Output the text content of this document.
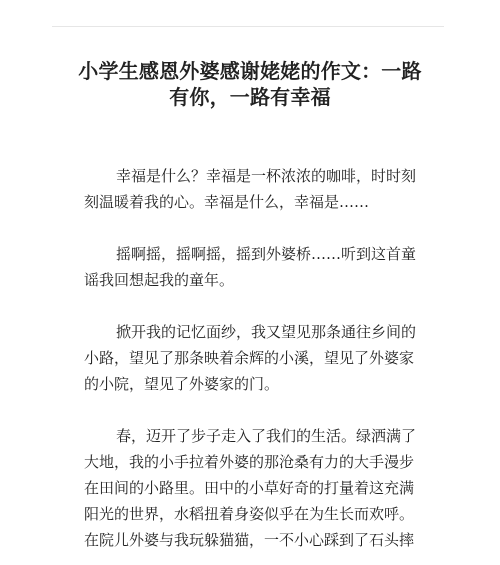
小学生感恩外婆感谢姥姥的作文：一路
有你，一路有幸福

幸福是什么？幸福是一杯浓浓的咖啡，时时刻刻温暖着我的心。幸福是什么，幸福是……

摇啊摇，摇啊摇，摇到外婆桥……听到这首童谣我回想起我的童年。

掀开我的记忆面纱，我又望见那条通往乡间的小路，望见了那条映着余辉的小溪，望见了外婆家的小院，望见了外婆家的门。

春，迈开了步子走入了我们的生活。绿洒满了大地，我的小手拉着外婆的那沧桑有力的大手漫步在田间的小路里。田中的小草好奇的打量着这充满阳光的世界，水稻扭着身姿似乎在为生长而欢呼。在院儿外婆与我玩躲猫猫，一不小心踩到了石头摔
